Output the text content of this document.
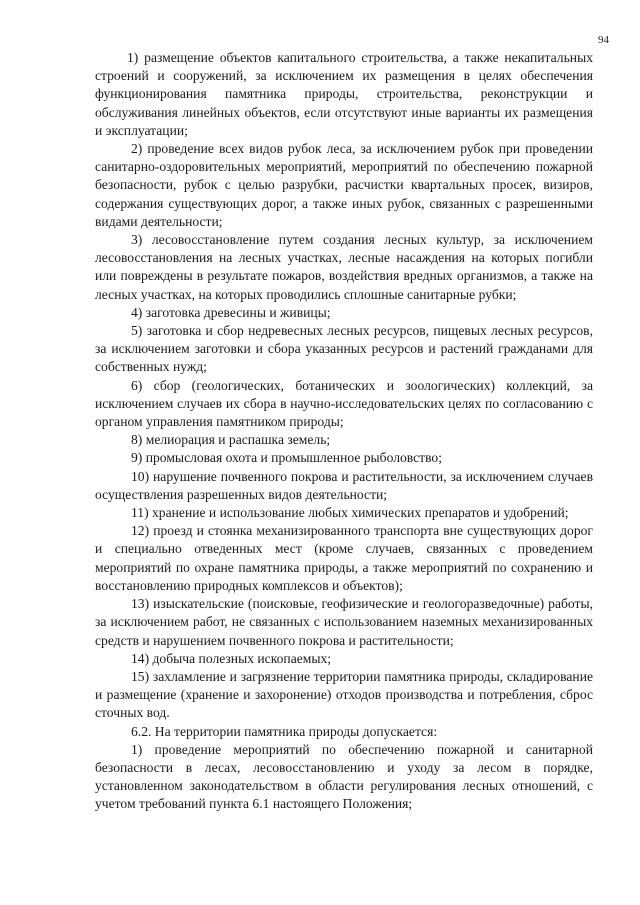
94

1) размещение объектов капитального строительства, а также некапитальных строений и сооружений, за исключением их размещения в целях обеспечения функционирования памятника природы, строительства, реконструкции и обслуживания линейных объектов, если отсутствуют иные варианты их размещения и эксплуатации;

2) проведение всех видов рубок леса, за исключением рубок при проведении санитарно-оздоровительных мероприятий, мероприятий по обеспечению пожарной безопасности, рубок с целью разрубки, расчистки квартальных просек, визиров, содержания существующих дорог, а также иных рубок, связанных с разрешенными видами деятельности;

3) лесовосстановление путем создания лесных культур, за исключением лесовосстановления на лесных участках, лесные насаждения на которых погибли или повреждены в результате пожаров, воздействия вредных организмов, а также на лесных участках, на которых проводились сплошные санитарные рубки;

4) заготовка древесины и живицы;

5) заготовка и сбор недревесных лесных ресурсов, пищевых лесных ресурсов, за исключением заготовки и сбора указанных ресурсов и растений гражданами для собственных нужд;

6) сбор (геологических, ботанических и зоологических) коллекций, за исключением случаев их сбора в научно-исследовательских целях по согласованию с органом управления памятником природы;

8) мелиорация и распашка земель;

9) промысловая охота и промышленное рыболовство;

10) нарушение почвенного покрова и растительности, за исключением случаев осуществления разрешенных видов деятельности;

11) хранение и использование любых химических препаратов и удобрений;

12) проезд и стоянка механизированного транспорта вне существующих дорог и специально отведенных мест (кроме случаев, связанных с проведением мероприятий по охране памятника природы, а также мероприятий по сохранению и восстановлению природных комплексов и объектов);

13) изыскательские (поисковые, геофизические и геологоразведочные) работы, за исключением работ, не связанных с использованием наземных механизированных средств и нарушением почвенного покрова и растительности;

14) добыча полезных ископаемых;

15) захламление и загрязнение территории памятника природы, складирование и размещение (хранение и захоронение) отходов производства и потребления, сброс сточных вод.

6.2. На территории памятника природы допускается:

1) проведение мероприятий по обеспечению пожарной и санитарной безопасности в лесах, лесовосстановлению и уходу за лесом в порядке, установленном законодательством в области регулирования лесных отношений, с учетом требований пункта 6.1 настоящего Положения;
